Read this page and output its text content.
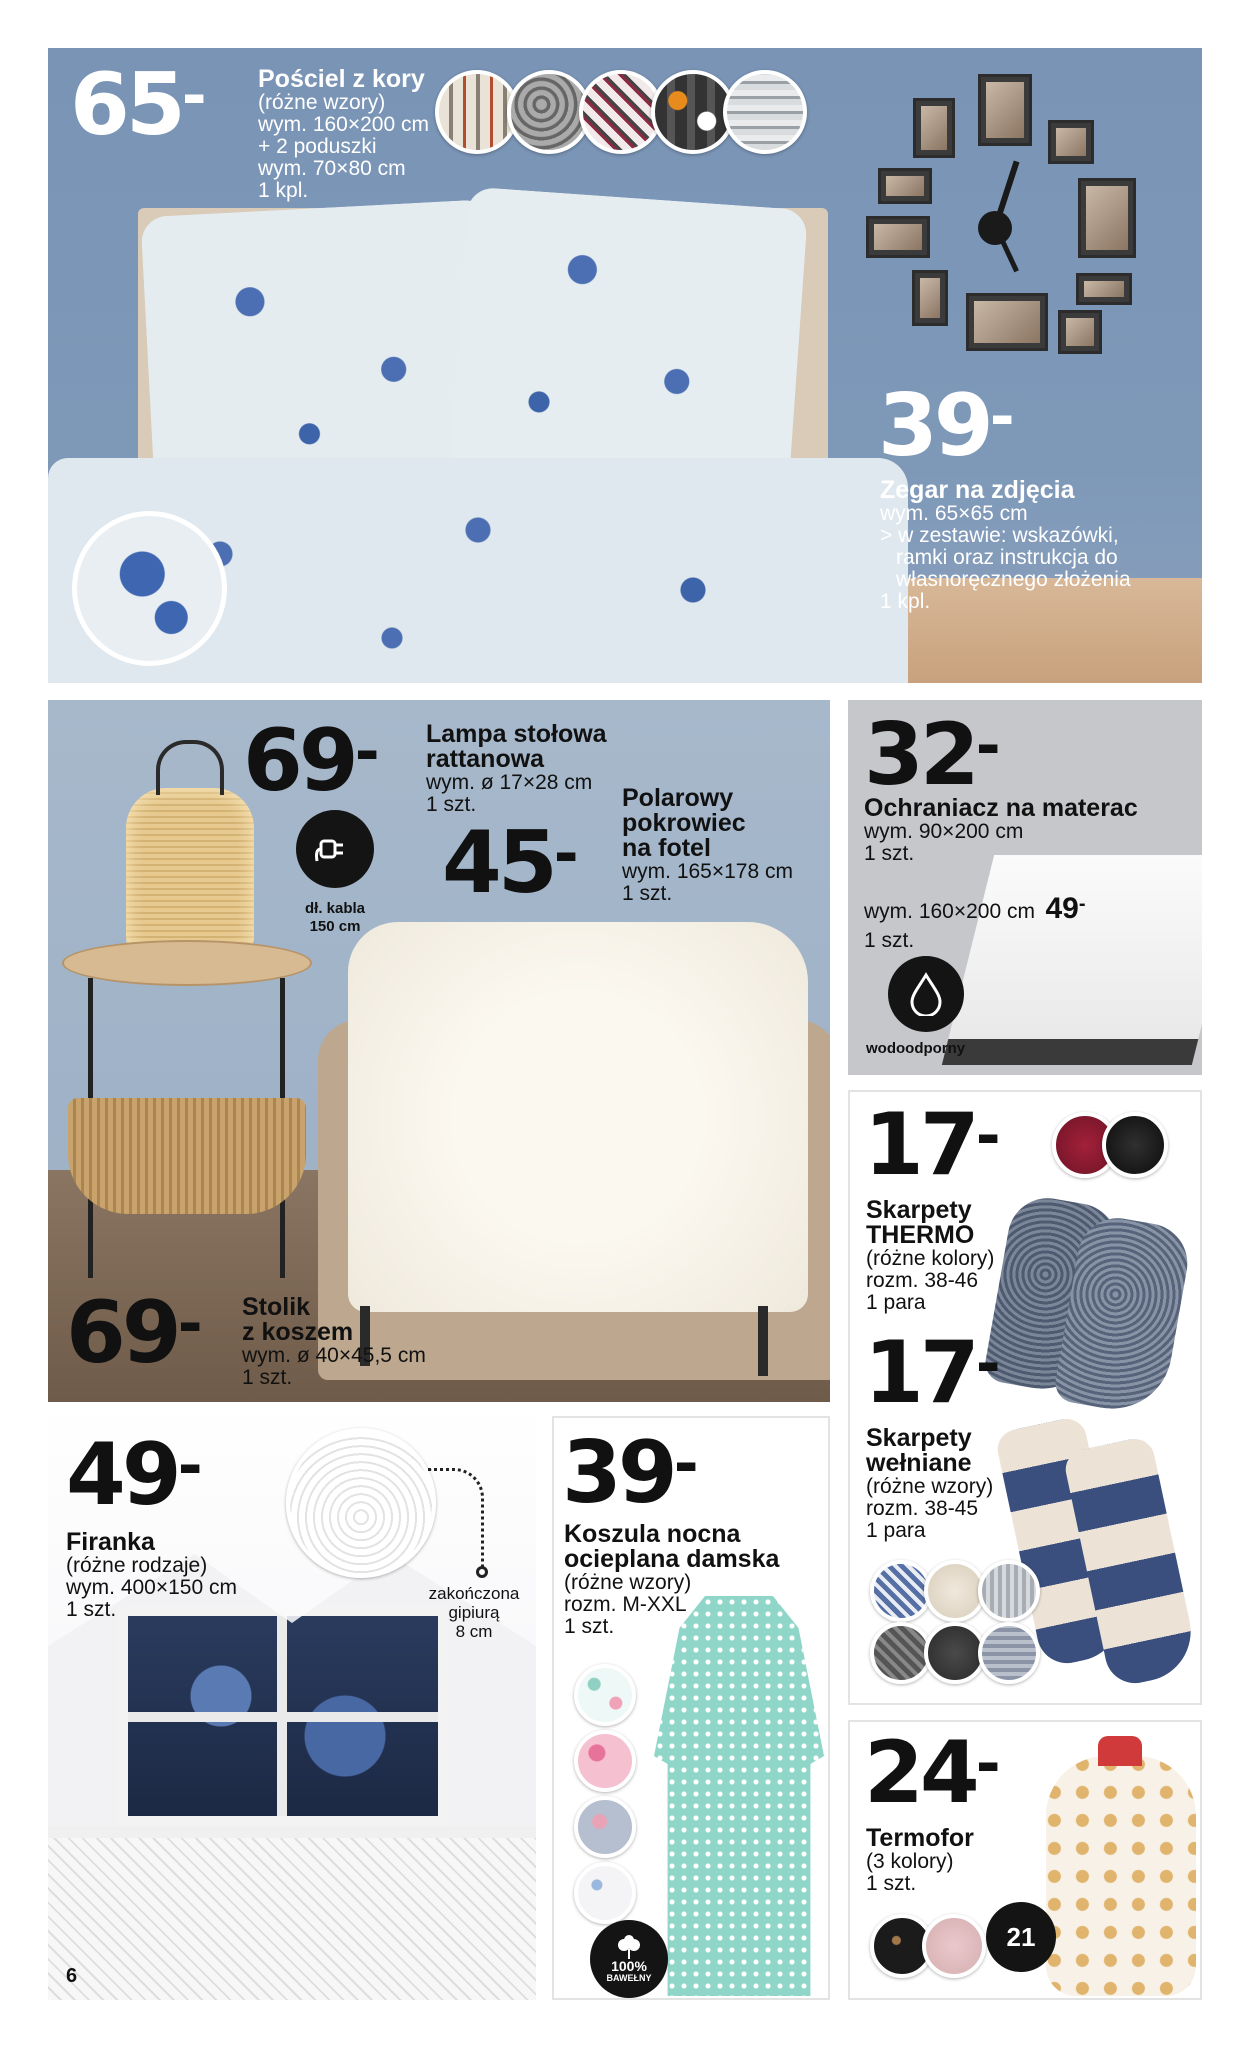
65- Pościel z kory
(różne wzory)
wym. 160×200 cm
+ 2 poduszki
wym. 70×80 cm
1 kpl.
39-
Zegar na zdjęcia
wym. 65×65 cm
> w zestawie: wskazówki,
ramki oraz instrukcja do
własnoręcznego złożenia
1 kpl.
dł. kabla
150 cm
69- Lampa stołowa
rattanowa
wym. ø 17×28 cm
1 szt.
45-
Polarowy
pokrowiec
na fotel
wym. 165×178 cm
1 szt.
69- Stolik
z koszem
wym. ø 40×45,5 cm
1 szt.
wodoodporny
32-
Ochraniacz na materac
wym. 90×200 cm
1 szt.
wym. 160×200 cm 49-
1 szt.
17-
Skarpety
THERMO
(różne kolory)
rozm. 38-46
1 para
17-
Skarpety
wełniane
(różne wzory)
rozm. 38-45
1 para
zakończona
gipiurą
8 cm
49-
Firanka
(różne rodzaje)
wym. 400×150 cm
1 szt.
100%
BAWEŁNY
39-
Koszula nocna
ocieplana damska
(różne wzory)
rozm. M-XXL
1 szt.
21
24-
Termofor
(3 kolory)
1 szt.
6
